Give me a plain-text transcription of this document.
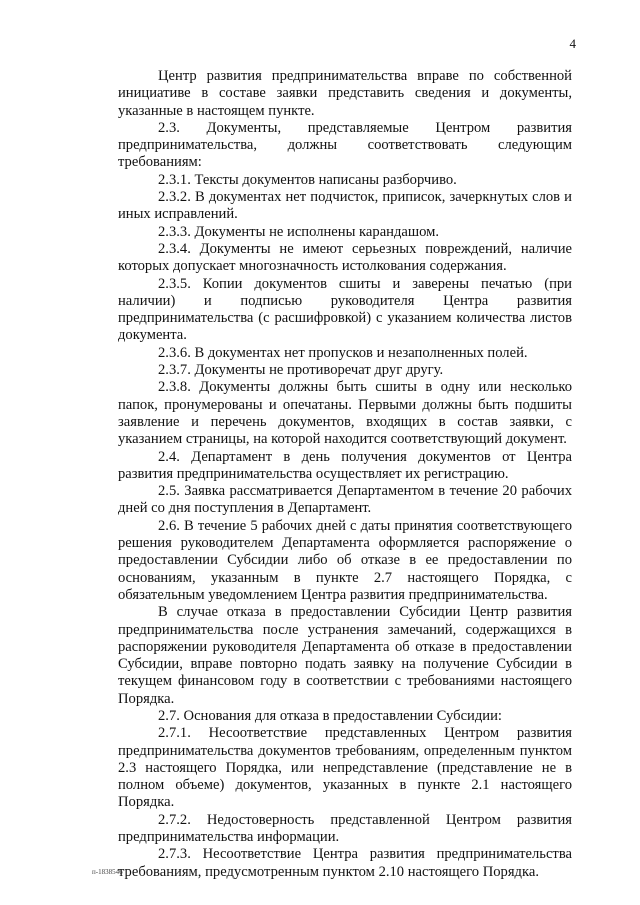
4

Центр развития предпринимательства вправе по собственной инициативе в составе заявки представить сведения и документы, указанные в настоящем пункте.

2.3. Документы, представляемые Центром развития предпринимательства, должны соответствовать следующим требованиям:

2.3.1. Тексты документов написаны разборчиво.

2.3.2. В документах нет подчисток, приписок, зачеркнутых слов и иных исправлений.

2.3.3. Документы не исполнены карандашом.

2.3.4. Документы не имеют серьезных повреждений, наличие которых допускает многозначность истолкования содержания.

2.3.5. Копии документов сшиты и заверены печатью (при наличии) и подписью руководителя Центра развития предпринимательства (с расшифровкой) с указанием количества листов документа.

2.3.6. В документах нет пропусков и незаполненных полей.

2.3.7. Документы не противоречат друг другу.

2.3.8. Документы должны быть сшиты в одну или несколько папок, пронумерованы и опечатаны. Первыми должны быть подшиты заявление и перечень документов, входящих в состав заявки, с указанием страницы, на которой находится соответствующий документ.

2.4. Департамент в день получения документов от Центра развития предпринимательства осуществляет их регистрацию.

2.5. Заявка рассматривается Департаментом в течение 20 рабочих дней со дня поступления в Департамент.

2.6. В течение 5 рабочих дней с даты принятия соответствующего решения руководителем Департамента оформляется распоряжение о предоставлении Субсидии либо об отказе в ее предоставлении по основаниям, указанным в пункте 2.7 настоящего Порядка, с обязательным уведомлением Центра развития предпринимательства.

В случае отказа в предоставлении Субсидии Центр развития предпринимательства после устранения замечаний, содержащихся в распоряжении руководителя Департамента об отказе в предоставлении Субсидии, вправе повторно подать заявку на получение Субсидии в текущем финансовом году в соответствии с требованиями настоящего Порядка.

2.7. Основания для отказа в предоставлении Субсидии:

2.7.1. Несоответствие представленных Центром развития предпринимательства документов требованиям, определенным пунктом 2.3 настоящего Порядка, или непредставление (представление не в полном объеме) документов, указанных в пункте 2.1 настоящего Порядка.

2.7.2. Недостоверность представленной Центром развития предпринимательства информации.

2.7.3. Несоответствие Центра развития предпринимательства требованиям, предусмотренным пунктом 2.10 настоящего Порядка.

п-1838546
